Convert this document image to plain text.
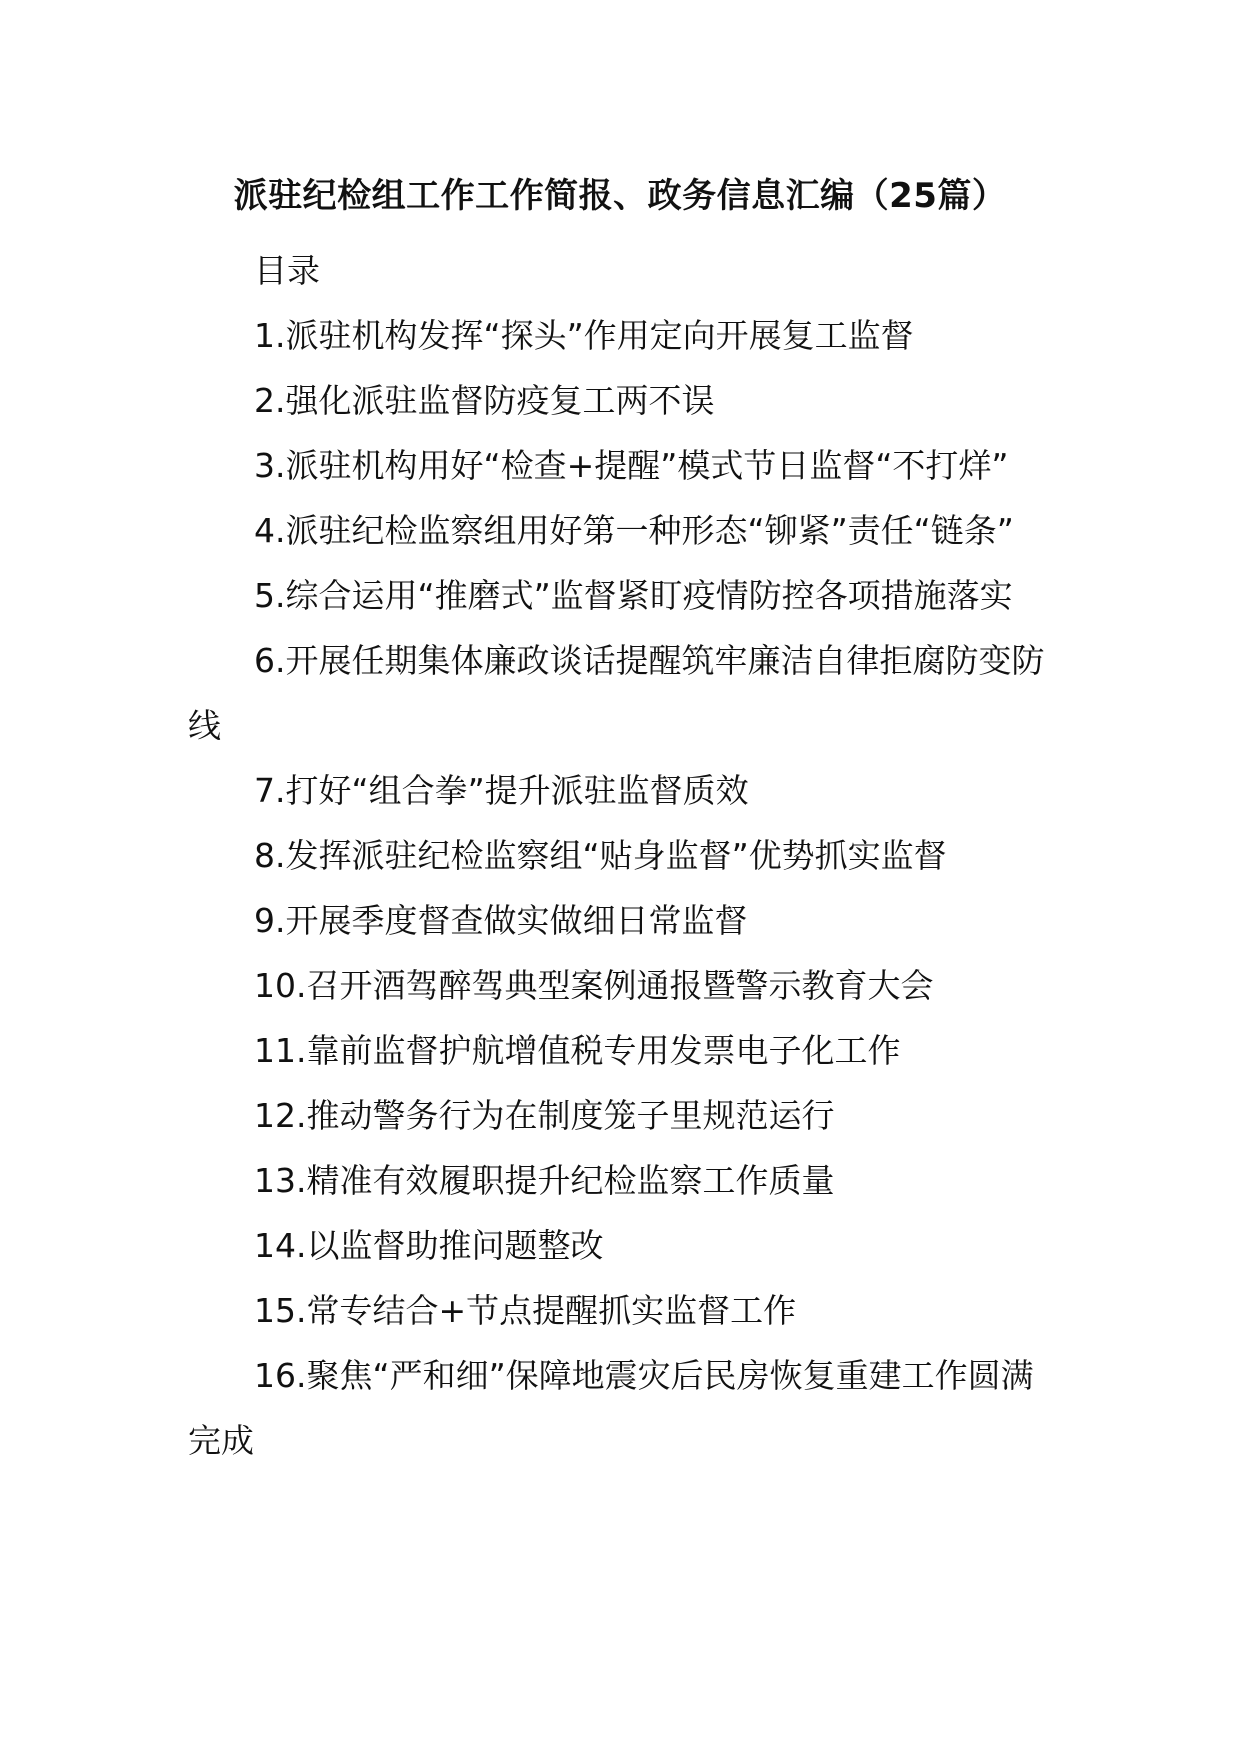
派驻纪检组工作工作简报、政务信息汇编（25篇）

目录

1.派驻机构发挥“探头”作用定向开展复工监督

2.强化派驻监督防疫复工两不误

3.派驻机构用好“检查+提醒”模式节日监督“不打烊”

4.派驻纪检监察组用好第一种形态“铆紧”责任“链条”

5.综合运用“推磨式”监督紧盯疫情防控各项措施落实

6.开展任期集体廉政谈话提醒筑牢廉洁自律拒腐防变防线

7.打好“组合拳”提升派驻监督质效

8.发挥派驻纪检监察组“贴身监督”优势抓实监督

9.开展季度督查做实做细日常监督

10.召开酒驾醉驾典型案例通报暨警示教育大会

11.靠前监督护航增值税专用发票电子化工作

12.推动警务行为在制度笼子里规范运行

13.精准有效履职提升纪检监察工作质量

14.以监督助推问题整改

15.常专结合+节点提醒抓实监督工作

16.聚焦“严和细”保障地震灾后民房恢复重建工作圆满完成
